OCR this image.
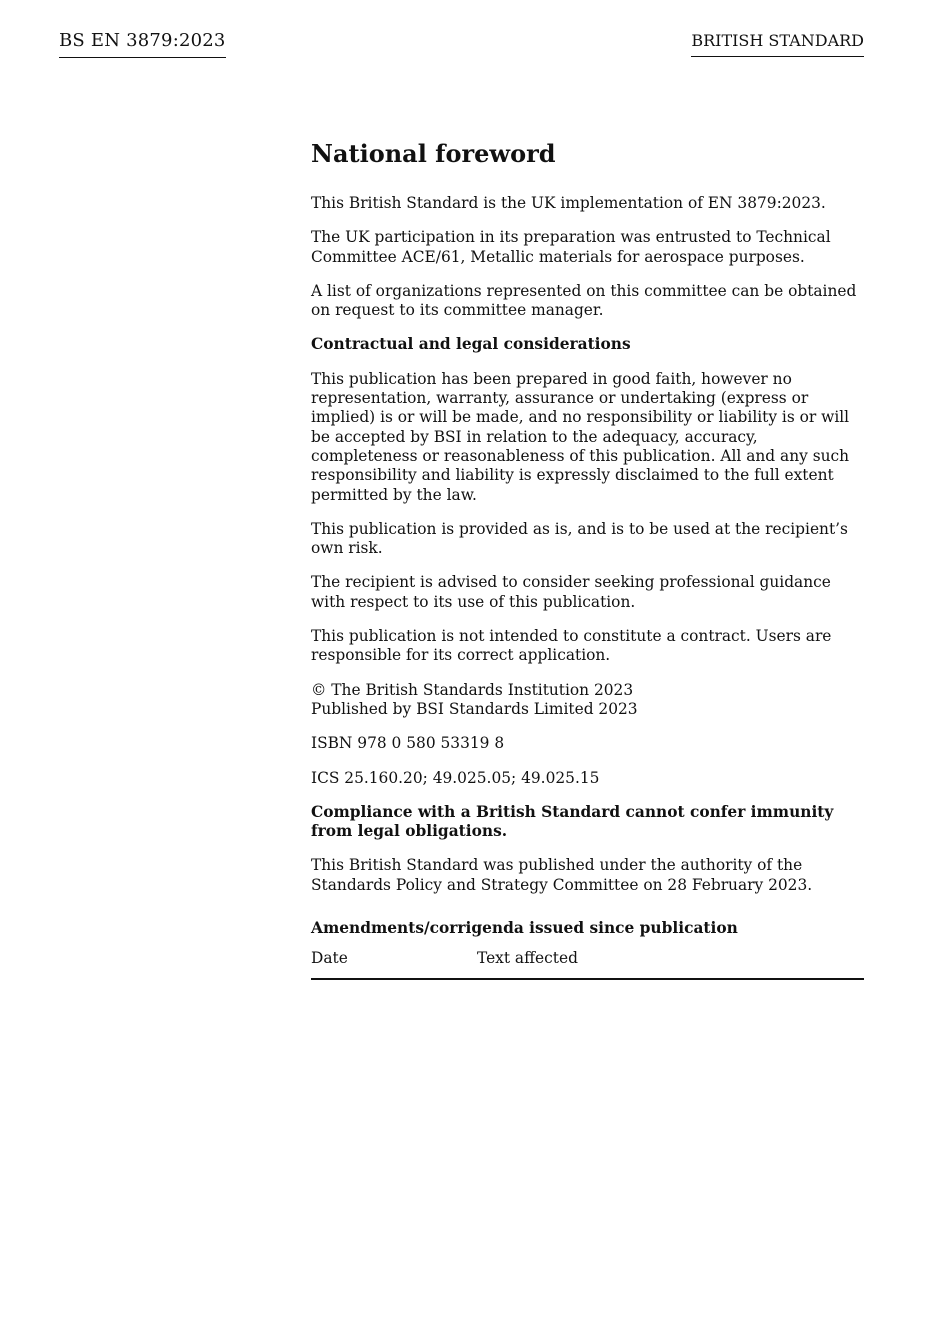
BS EN 3879:2023	BRITISH STANDARD
National foreword

This British Standard is the UK implementation of EN 3879:2023.

The UK participation in its preparation was entrusted to Technical Committee ACE/61, Metallic materials for aerospace purposes.

A list of organizations represented on this committee can be obtained on request to its committee manager.

Contractual and legal considerations

This publication has been prepared in good faith, however no representation, warranty, assurance or undertaking (express or implied) is or will be made, and no responsibility or liability is or will be accepted by BSI in relation to the adequacy, accuracy, completeness or reasonableness of this publication. All and any such responsibility and liability is expressly disclaimed to the full extent permitted by the law.

This publication is provided as is, and is to be used at the recipient’s own risk.

The recipient is advised to consider seeking professional guidance with respect to its use of this publication.

This publication is not intended to constitute a contract. Users are responsible for its correct application.

© The British Standards Institution 2023
Published by BSI Standards Limited 2023

ISBN 978 0 580 53319 8

ICS 25.160.20; 49.025.05; 49.025.15

Compliance with a British Standard cannot confer immunity from legal obligations.

This British Standard was published under the authority of the Standards Policy and Strategy Committee on 28 February 2023.

Amendments/corrigenda issued since publication
Date	Text affected
